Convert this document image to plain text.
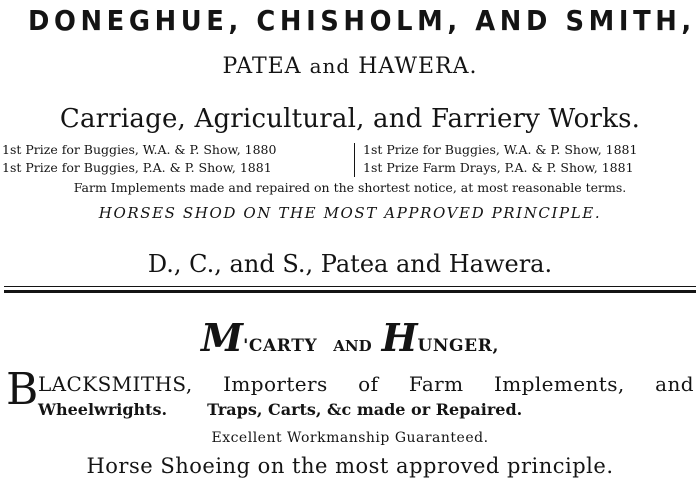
DONEGHUE, CHISHOLM, AND SMITH,
PATEA and HAWERA.
Carriage, Agricultural, and Farriery Works.
1st Prize for Buggies, W.A. & P. Show, 1880
1st Prize for Buggies, P.A. & P. Show, 1881
1st Prize for Buggies, W.A. & P. Show, 1881
1st Prize Farm Drays, P.A. & P. Show, 1881
Farm Implements made and repaired on the shortest notice, at most reasonable terms.
HORSES SHOD ON THE MOST APPROVED PRINCIPLE.
D., C., and S., Patea and Hawera.
M'CARTY AND HUNGER,
B LACKSMITHS, Importers of Farm Implements, and
Wheelwrights.	Traps, Carts, &c made or Repaired.
Excellent Workmanship Guaranteed.
Horse Shoeing on the most approved principle.
